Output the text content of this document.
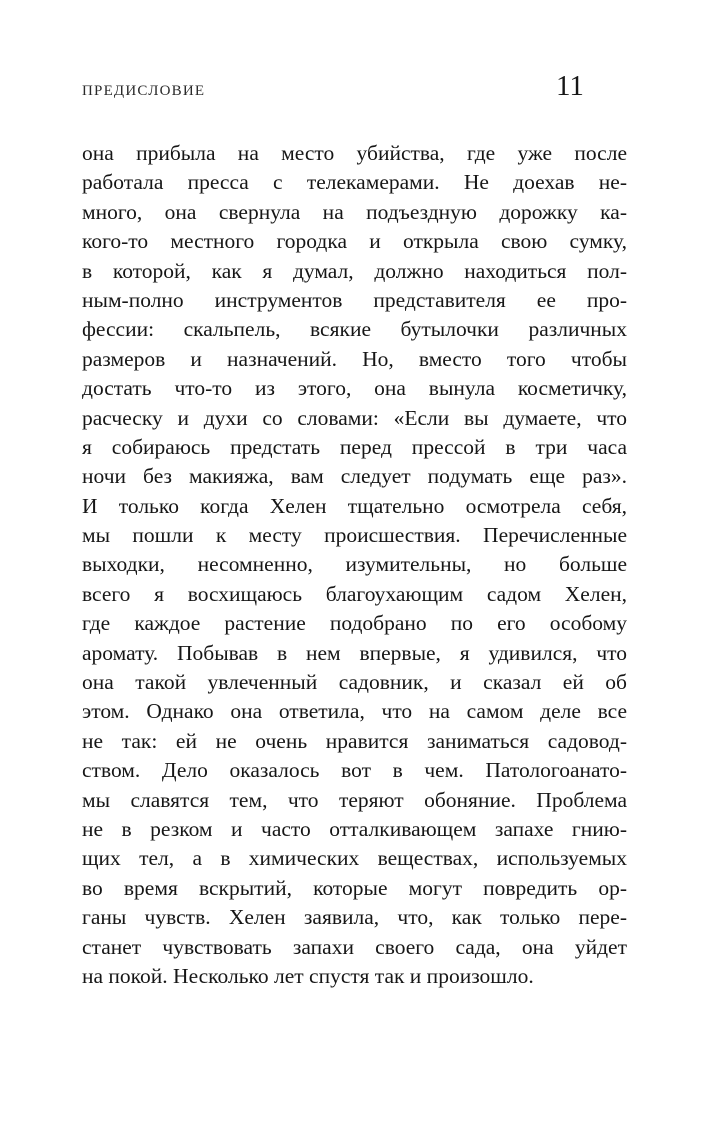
ПРЕДИСЛОВИЕ	11
она прибыла на место убийства, где уже после
работала пресса с телекамерами. Не доехав не-
много, она свернула на подъездную дорожку ка-
кого-то местного городка и открыла свою сумку,
в которой, как я думал, должно находиться пол-
ным-полно инструментов представителя ее про-
фессии: скальпель, всякие бутылочки различных
размеров и назначений. Но, вместо того чтобы
достать что-то из этого, она вынула косметичку,
расческу и духи со словами: «Если вы думаете, что
я собираюсь предстать перед прессой в три часа
ночи без макияжа, вам следует подумать еще раз».
И только когда Хелен тщательно осмотрела себя,
мы пошли к месту происшествия. Перечисленные
выходки, несомненно, изумительны, но больше
всего я восхищаюсь благоухающим садом Хелен,
где каждое растение подобрано по его особому
аромату. Побывав в нем впервые, я удивился, что
она такой увлеченный садовник, и сказал ей об
этом. Однако она ответила, что на самом деле все
не так: ей не очень нравится заниматься садовод-
ством. Дело оказалось вот в чем. Патологоанато-
мы славятся тем, что теряют обоняние. Проблема
не в резком и часто отталкивающем запахе гнию-
щих тел, а в химических веществах, используемых
во время вскрытий, которые могут повредить ор-
ганы чувств. Хелен заявила, что, как только пере-
станет чувствовать запахи своего сада, она уйдет
на покой. Несколько лет спустя так и произошло.
